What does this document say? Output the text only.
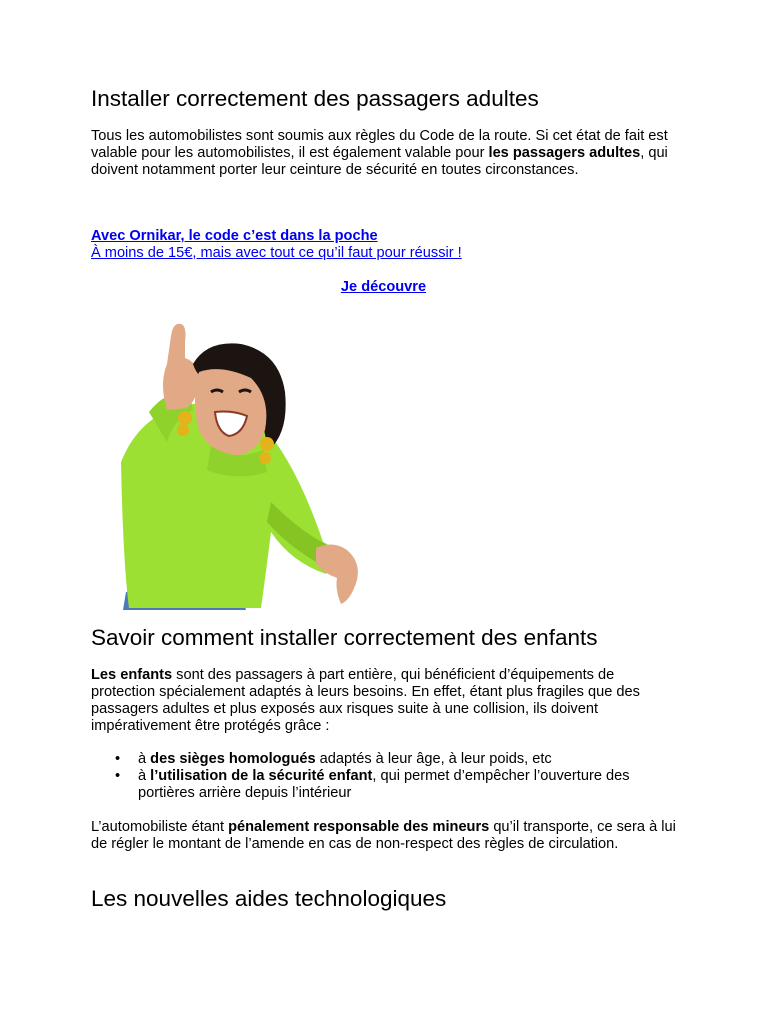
Installer correctement des passagers adultes

Tous les automobilistes sont soumis aux règles du Code de la route. Si cet état de fait est valable pour les automobilistes, il est également valable pour les passagers adultes, qui doivent notamment porter leur ceinture de sécurité en toutes circonstances.

Avec Ornikar, le code c’est dans la poche
À moins de 15€, mais avec tout ce qu’il faut pour réussir !
Je découvre
Savoir comment installer correctement des enfants

Les enfants sont des passagers à part entière, qui bénéficient d’équipements de protection spécialement adaptés à leurs besoins. En effet, étant plus fragiles que des passagers adultes et plus exposés aux risques suite à une collision, ils doivent impérativement être protégés grâce :

• à des sièges homologués adaptés à leur âge, à leur poids, etc
• à l’utilisation de la sécurité enfant, qui permet d’empêcher l’ouverture des portières arrière depuis l’intérieur

L’automobiliste étant pénalement responsable des mineurs qu’il transporte, ce sera à lui de régler le montant de l’amende en cas de non-respect des règles de circulation.

Les nouvelles aides technologiques
